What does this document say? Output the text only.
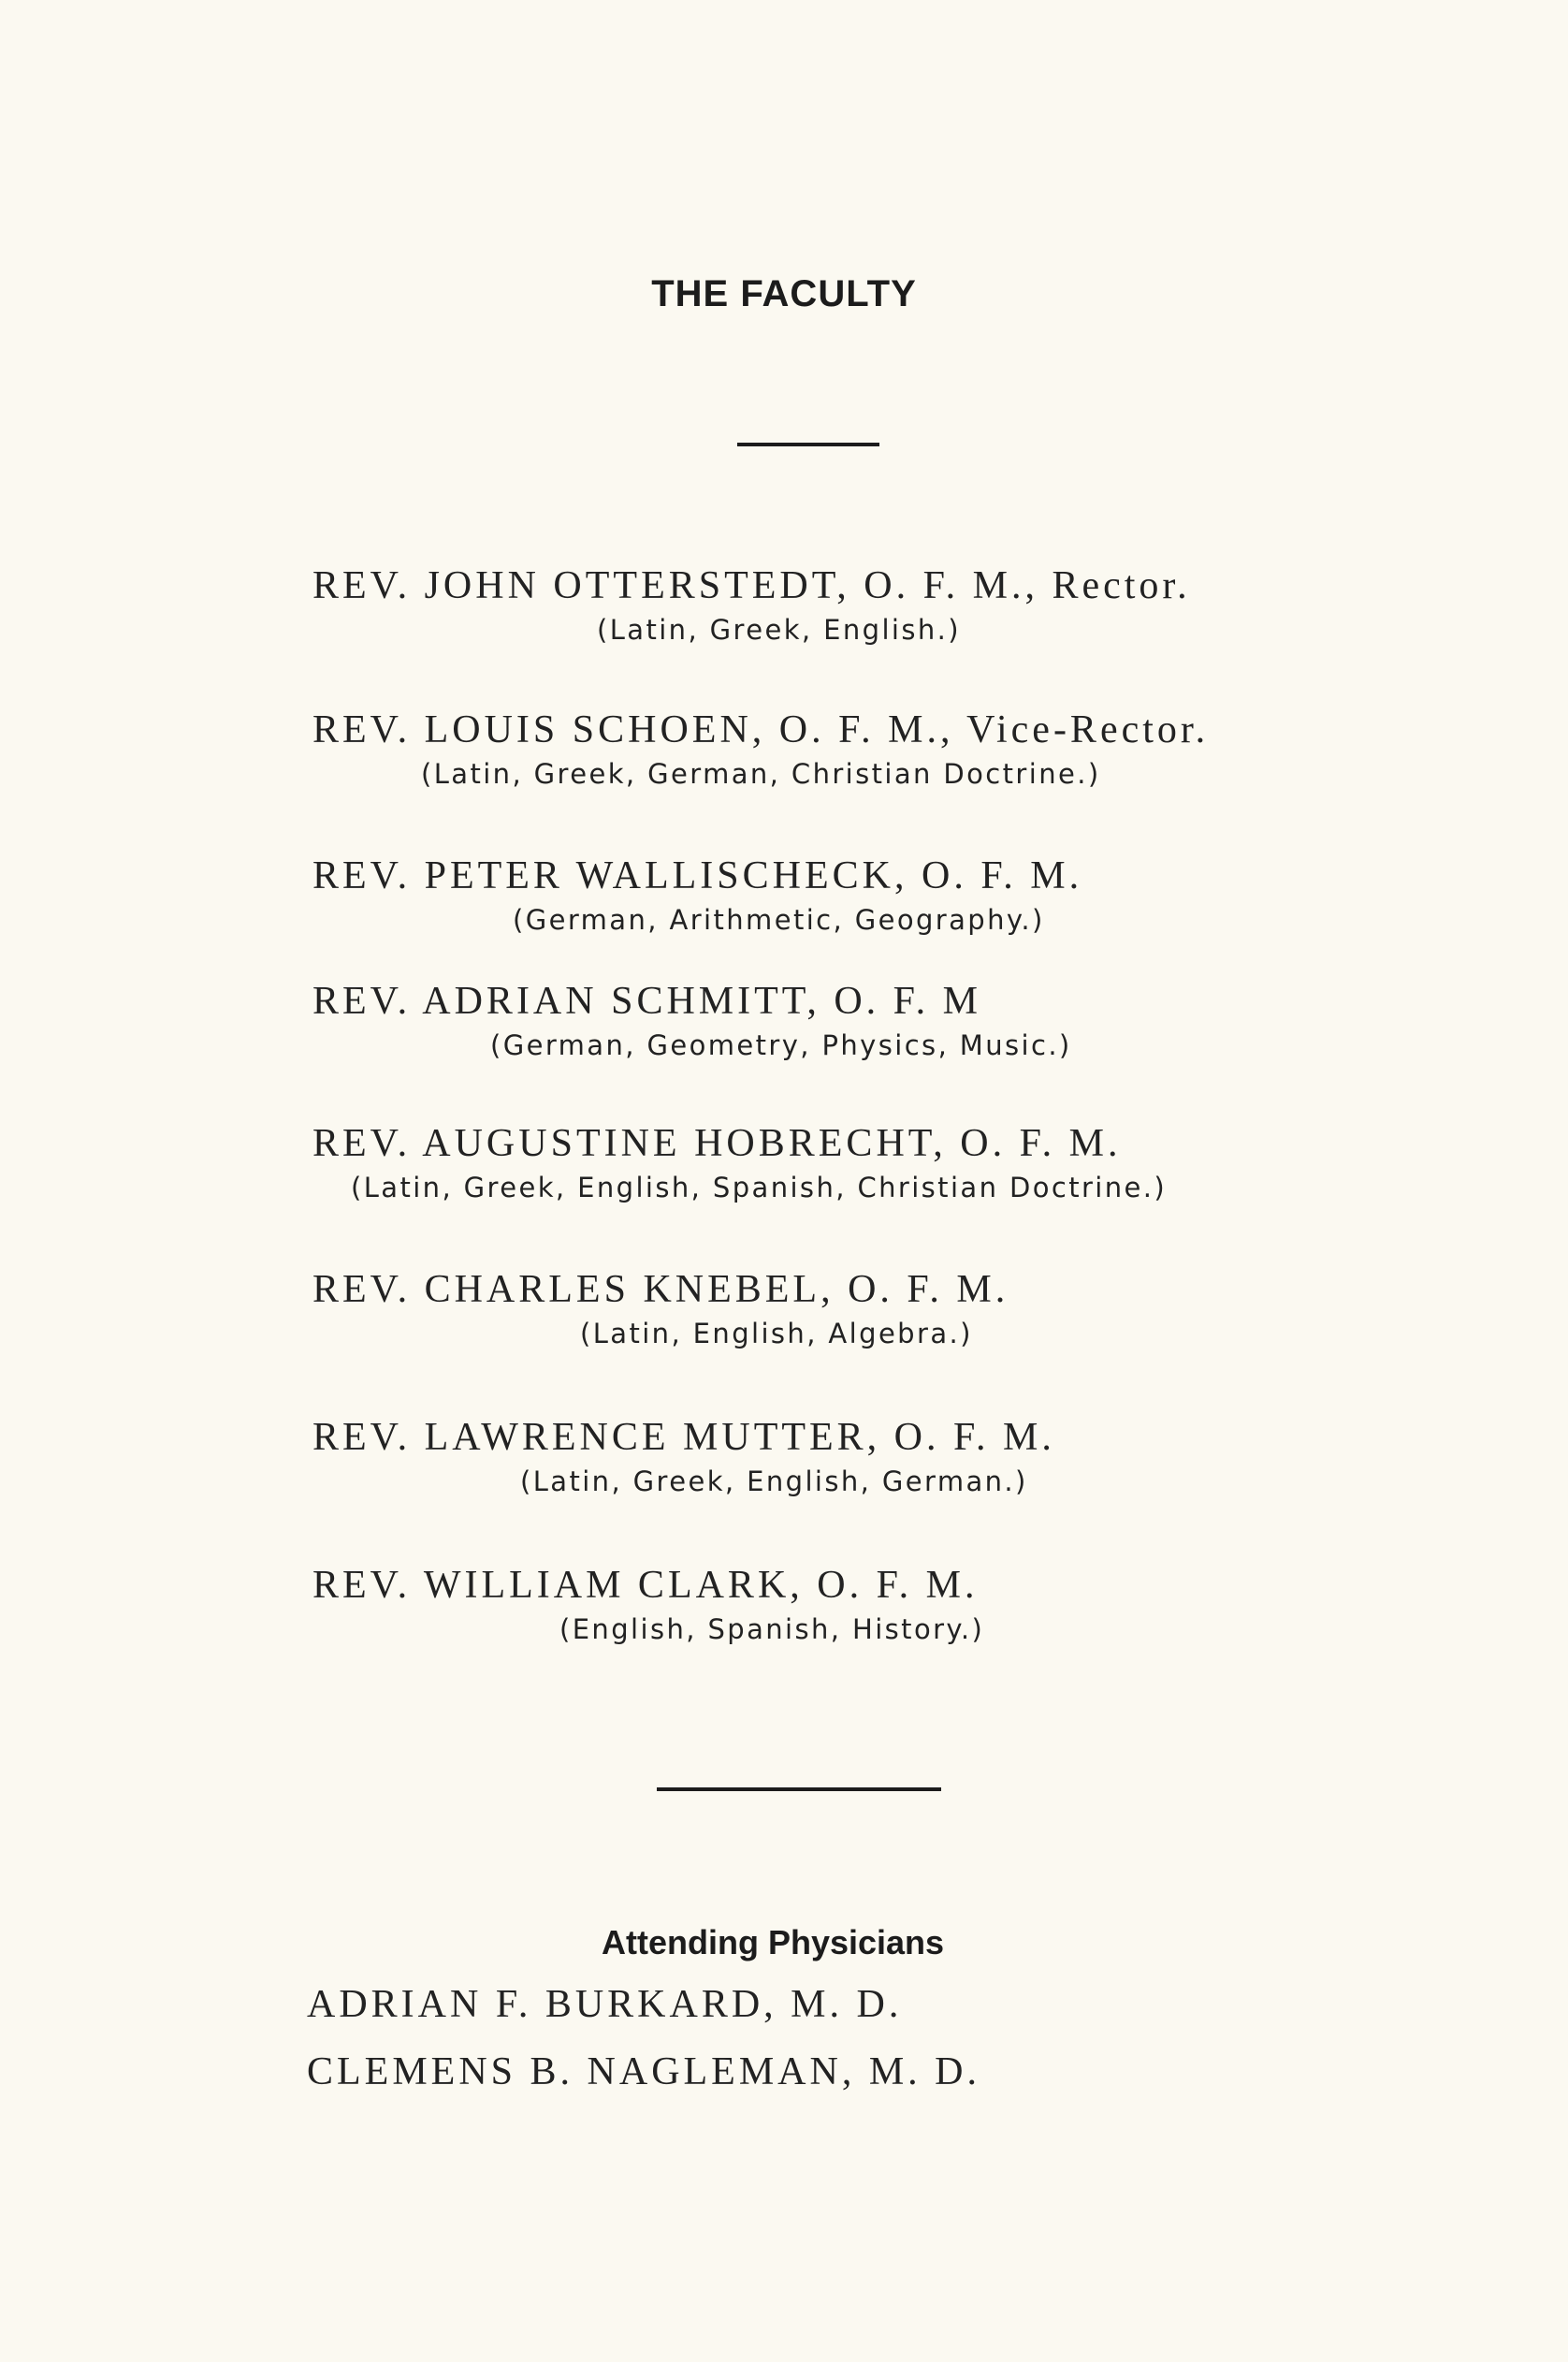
THE FACULTY
REV. JOHN OTTERSTEDT, O. F. M., Rector.
(Latin, Greek, English.)
REV. LOUIS SCHOEN, O. F. M., Vice-Rector.
(Latin, Greek, German, Christian Doctrine.)
REV. PETER WALLISCHECK, O. F. M.
(German, Arithmetic, Geography.)
REV. ADRIAN SCHMITT, O. F. M
(German, Geometry, Physics, Music.)
REV. AUGUSTINE HOBRECHT, O. F. M.
(Latin, Greek, English, Spanish, Christian Doctrine.)
REV. CHARLES KNEBEL, O. F. M.
(Latin, English, Algebra.)
REV. LAWRENCE MUTTER, O. F. M.
(Latin, Greek, English, German.)
REV. WILLIAM CLARK, O. F. M.
(English, Spanish, History.)
Attending Physicians
ADRIAN F. BURKARD, M. D.
CLEMENS B. NAGLEMAN, M. D.
